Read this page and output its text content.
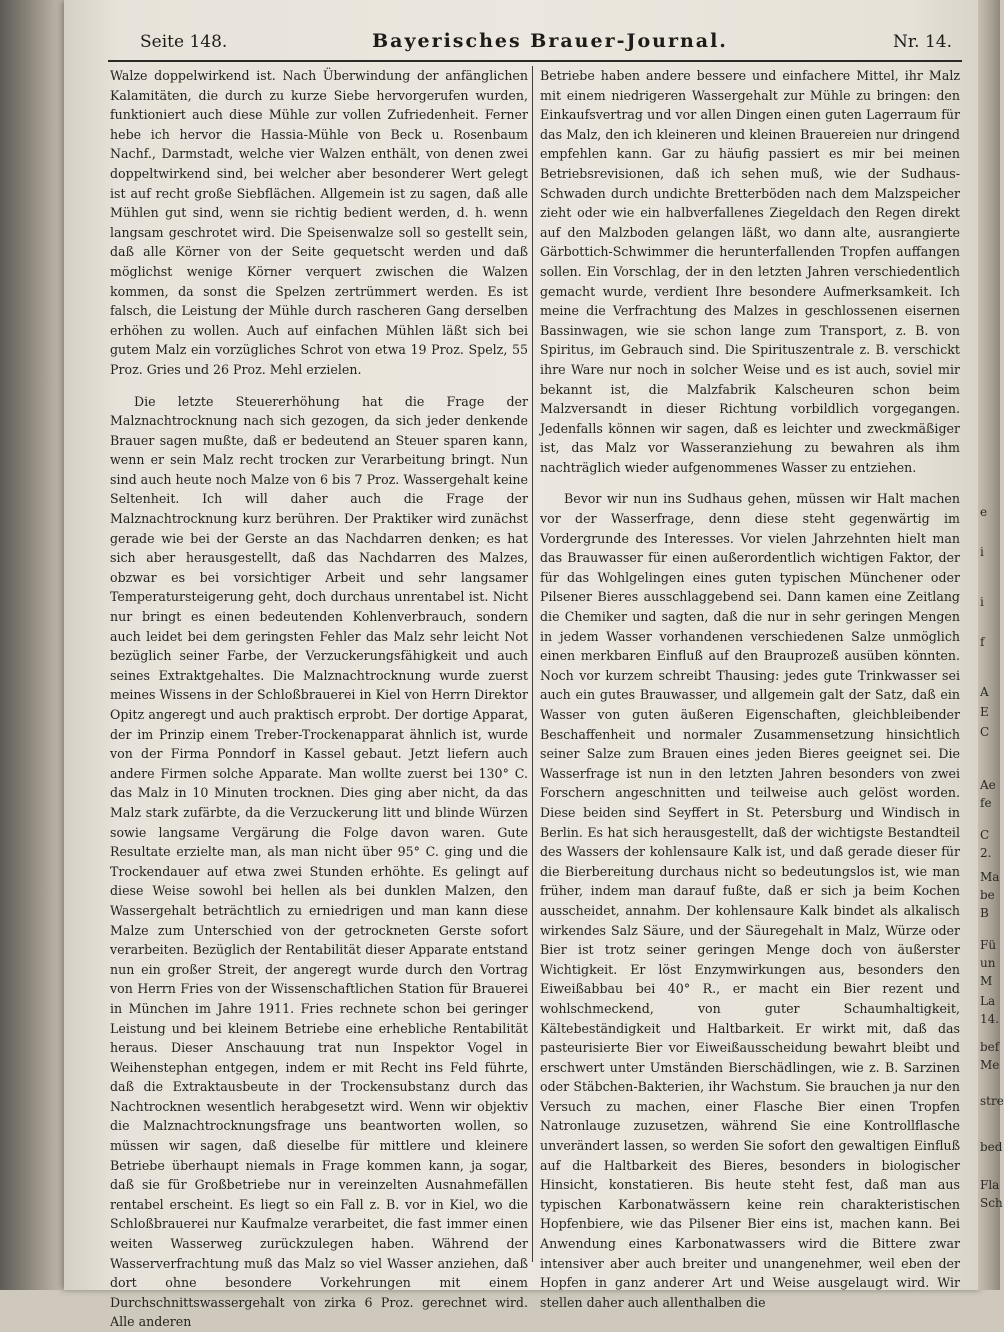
e
i
i
f
A
E
C
Ae
fe
C
2.
Ma
be
B
Fü
un
M
La
14.
bef
Me
stre
bed
Fla
Sch
Seite 148.	Bayerisches Brauer-Journal.	Nr. 14.

Walze doppelwirkend ist. Nach Überwindung der anfänglichen Kalamitäten, die durch zu kurze Siebe hervorgerufen wurden, funktioniert auch diese Mühle zur vollen Zufriedenheit. Ferner hebe ich hervor die Hassia-Mühle von Beck u. Rosenbaum Nachf., Darmstadt, welche vier Walzen enthält, von denen zwei doppeltwirkend sind, bei welcher aber besonderer Wert gelegt ist auf recht große Siebflächen. Allgemein ist zu sagen, daß alle Mühlen gut sind, wenn sie richtig bedient werden, d. h. wenn langsam geschrotet wird. Die Speisenwalze soll so gestellt sein, daß alle Körner von der Seite gequetscht werden und daß möglichst wenige Körner verquert zwischen die Walzen kommen, da sonst die Spelzen zertrümmert werden. Es ist falsch, die Leistung der Mühle durch rascheren Gang derselben erhöhen zu wollen. Auch auf einfachen Mühlen läßt sich bei gutem Malz ein vorzügliches Schrot von etwa 19 Proz. Spelz, 55 Proz. Gries und 26 Proz. Mehl erzielen.

Die letzte Steuererhöhung hat die Frage der Malznachtrocknung nach sich gezogen, da sich jeder denkende Brauer sagen mußte, daß er bedeutend an Steuer sparen kann, wenn er sein Malz recht trocken zur Verarbeitung bringt. Nun sind auch heute noch Malze von 6 bis 7 Proz. Wassergehalt keine Seltenheit. Ich will daher auch die Frage der Malznachtrocknung kurz berühren. Der Praktiker wird zunächst gerade wie bei der Gerste an das Nachdarren denken; es hat sich aber herausgestellt, daß das Nachdarren des Malzes, obzwar es bei vorsichtiger Arbeit und sehr langsamer Temperatursteigerung geht, doch durchaus unrentabel ist. Nicht nur bringt es einen bedeutenden Kohlenverbrauch, sondern auch leidet bei dem geringsten Fehler das Malz sehr leicht Not bezüglich seiner Farbe, der Verzuckerungsfähigkeit und auch seines Extraktgehaltes. Die Malznachtrocknung wurde zuerst meines Wissens in der Schloßbrauerei in Kiel von Herrn Direktor Opitz angeregt und auch praktisch erprobt. Der dortige Apparat, der im Prinzip einem Treber-Trockenapparat ähnlich ist, wurde von der Firma Ponndorf in Kassel gebaut. Jetzt liefern auch andere Firmen solche Apparate. Man wollte zuerst bei 130° C. das Malz in 10 Minuten trocknen. Dies ging aber nicht, da das Malz stark zufärbte, da die Verzuckerung litt und blinde Würzen sowie langsame Vergärung die Folge davon waren. Gute Resultate erzielte man, als man nicht über 95° C. ging und die Trockendauer auf etwa zwei Stunden erhöhte. Es gelingt auf diese Weise sowohl bei hellen als bei dunklen Malzen, den Wassergehalt beträchtlich zu erniedrigen und man kann diese Malze zum Unterschied von der getrockneten Gerste sofort verarbeiten. Bezüglich der Rentabilität dieser Apparate entstand nun ein großer Streit, der angeregt wurde durch den Vortrag von Herrn Fries von der Wissenschaftlichen Station für Brauerei in München im Jahre 1911. Fries rechnete schon bei geringer Leistung und bei kleinem Betriebe eine erhebliche Rentabilität heraus. Dieser Anschauung trat nun Inspektor Vogel in Weihenstephan entgegen, indem er mit Recht ins Feld führte, daß die Extraktausbeute in der Trockensubstanz durch das Nachtrocknen wesentlich herabgesetzt wird. Wenn wir objektiv die Malznachtrocknungsfrage uns beantworten wollen, so müssen wir sagen, daß dieselbe für mittlere und kleinere Betriebe überhaupt niemals in Frage kommen kann, ja sogar, daß sie für Großbetriebe nur in vereinzelten Ausnahmefällen rentabel erscheint. Es liegt so ein Fall z. B. vor in Kiel, wo die Schloßbrauerei nur Kaufmalze verarbeitet, die fast immer einen weiten Wasserweg zurückzulegen haben. Während der Wasserverfrachtung muß das Malz so viel Wasser anziehen, daß dort ohne besondere Vorkehrungen mit einem Durchschnittswassergehalt von zirka 6 Proz. gerechnet wird. Alle anderen

Betriebe haben andere bessere und einfachere Mittel, ihr Malz mit einem niedrigeren Wassergehalt zur Mühle zu bringen: den Einkaufsvertrag und vor allen Dingen einen guten Lagerraum für das Malz, den ich kleineren und kleinen Brauereien nur dringend empfehlen kann. Gar zu häufig passiert es mir bei meinen Betriebsrevisionen, daß ich sehen muß, wie der Sudhaus-Schwaden durch undichte Bretterböden nach dem Malzspeicher zieht oder wie ein halbverfallenes Ziegeldach den Regen direkt auf den Malzboden gelangen läßt, wo dann alte, ausrangierte Gärbottich-Schwimmer die herunterfallenden Tropfen auffangen sollen. Ein Vorschlag, der in den letzten Jahren verschiedentlich gemacht wurde, verdient Ihre besondere Aufmerksamkeit. Ich meine die Verfrachtung des Malzes in geschlossenen eisernen Bassinwagen, wie sie schon lange zum Transport, z. B. von Spiritus, im Gebrauch sind. Die Spirituszentrale z. B. verschickt ihre Ware nur noch in solcher Weise und es ist auch, soviel mir bekannt ist, die Malzfabrik Kalscheuren schon beim Malzversandt in dieser Richtung vorbildlich vorgegangen. Jedenfalls können wir sagen, daß es leichter und zweckmäßiger ist, das Malz vor Wasseranziehung zu bewahren als ihm nachträglich wieder aufgenommenes Wasser zu entziehen.

Bevor wir nun ins Sudhaus gehen, müssen wir Halt machen vor der Wasserfrage, denn diese steht gegenwärtig im Vordergrunde des Interesses. Vor vielen Jahrzehnten hielt man das Brauwasser für einen außerordentlich wichtigen Faktor, der für das Wohlgelingen eines guten typischen Münchener oder Pilsener Bieres ausschlaggebend sei. Dann kamen eine Zeitlang die Chemiker und sagten, daß die nur in sehr geringen Mengen in jedem Wasser vorhandenen verschiedenen Salze unmöglich einen merkbaren Einfluß auf den Brauprozeß ausüben könnten. Noch vor kurzem schreibt Thausing: jedes gute Trinkwasser sei auch ein gutes Brauwasser, und allgemein galt der Satz, daß ein Wasser von guten äußeren Eigenschaften, gleichbleibender Beschaffenheit und normaler Zusammensetzung hinsichtlich seiner Salze zum Brauen eines jeden Bieres geeignet sei. Die Wasserfrage ist nun in den letzten Jahren besonders von zwei Forschern angeschnitten und teilweise auch gelöst worden. Diese beiden sind Seyffert in St. Petersburg und Windisch in Berlin. Es hat sich herausgestellt, daß der wichtigste Bestandteil des Wassers der kohlensaure Kalk ist, und daß gerade dieser für die Bierbereitung durchaus nicht so bedeutungslos ist, wie man früher, indem man darauf fußte, daß er sich ja beim Kochen ausscheidet, annahm. Der kohlensaure Kalk bindet als alkalisch wirkendes Salz Säure, und der Säuregehalt in Malz, Würze oder Bier ist trotz seiner geringen Menge doch von äußerster Wichtigkeit. Er löst Enzymwirkungen aus, besonders den Eiweißabbau bei 40° R., er macht ein Bier rezent und wohlschmeckend, von guter Schaumhaltigkeit, Kältebeständigkeit und Haltbarkeit. Er wirkt mit, daß das pasteurisierte Bier vor Eiweißausscheidung bewahrt bleibt und erschwert unter Umständen Bierschädlingen, wie z. B. Sarzinen oder Stäbchen-Bakterien, ihr Wachstum. Sie brauchen ja nur den Versuch zu machen, einer Flasche Bier einen Tropfen Natronlauge zuzusetzen, während Sie eine Kontrollflasche unverändert lassen, so werden Sie sofort den gewaltigen Einfluß auf die Haltbarkeit des Bieres, besonders in biologischer Hinsicht, konstatieren. Bis heute steht fest, daß man aus typischen Karbonatwässern keine rein charakteristischen Hopfenbiere, wie das Pilsener Bier eins ist, machen kann. Bei Anwendung eines Karbonatwassers wird die Bittere zwar intensiver aber auch breiter und unangenehmer, weil eben der Hopfen in ganz anderer Art und Weise ausgelaugt wird. Wir stellen daher auch allenthalben die
